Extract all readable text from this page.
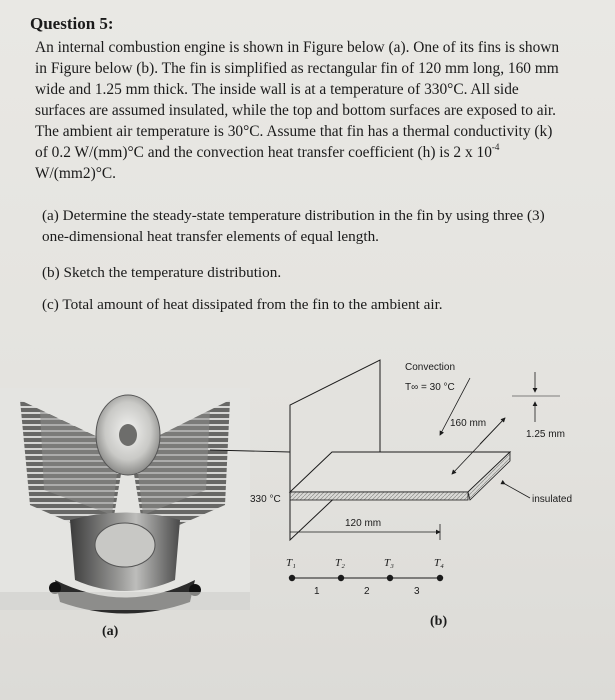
Question 5:
An internal combustion engine is shown in Figure below (a). One of its fins is shown
in Figure below (b). The fin is simplified as rectangular fin of 120 mm long, 160 mm
wide and 1.25 mm thick. The inside wall is at a temperature of 330°C. All side
surfaces are assumed insulated, while the top and bottom surfaces are exposed to air.
The ambient air temperature is 30°C. Assume that fin has a thermal conductivity (k)
of 0.2 W/(mm)°C and the convection heat transfer coefficient (h) is 2 x $10^{-4}$
W/(mm2)°C.
(a) Determine the steady-state temperature distribution in the fin by using three (3)
one-dimensional heat transfer elements of equal length.
(b) Sketch the temperature distribution.
(c) Total amount of heat dissipated from the fin to the ambient air.
Convection
T∞ = 30 °C
160 mm
1.25 mm
330 °C	insulated
120 mm
T₁	T₂	T₃	T₄
1	2	3
(a)
(b)
